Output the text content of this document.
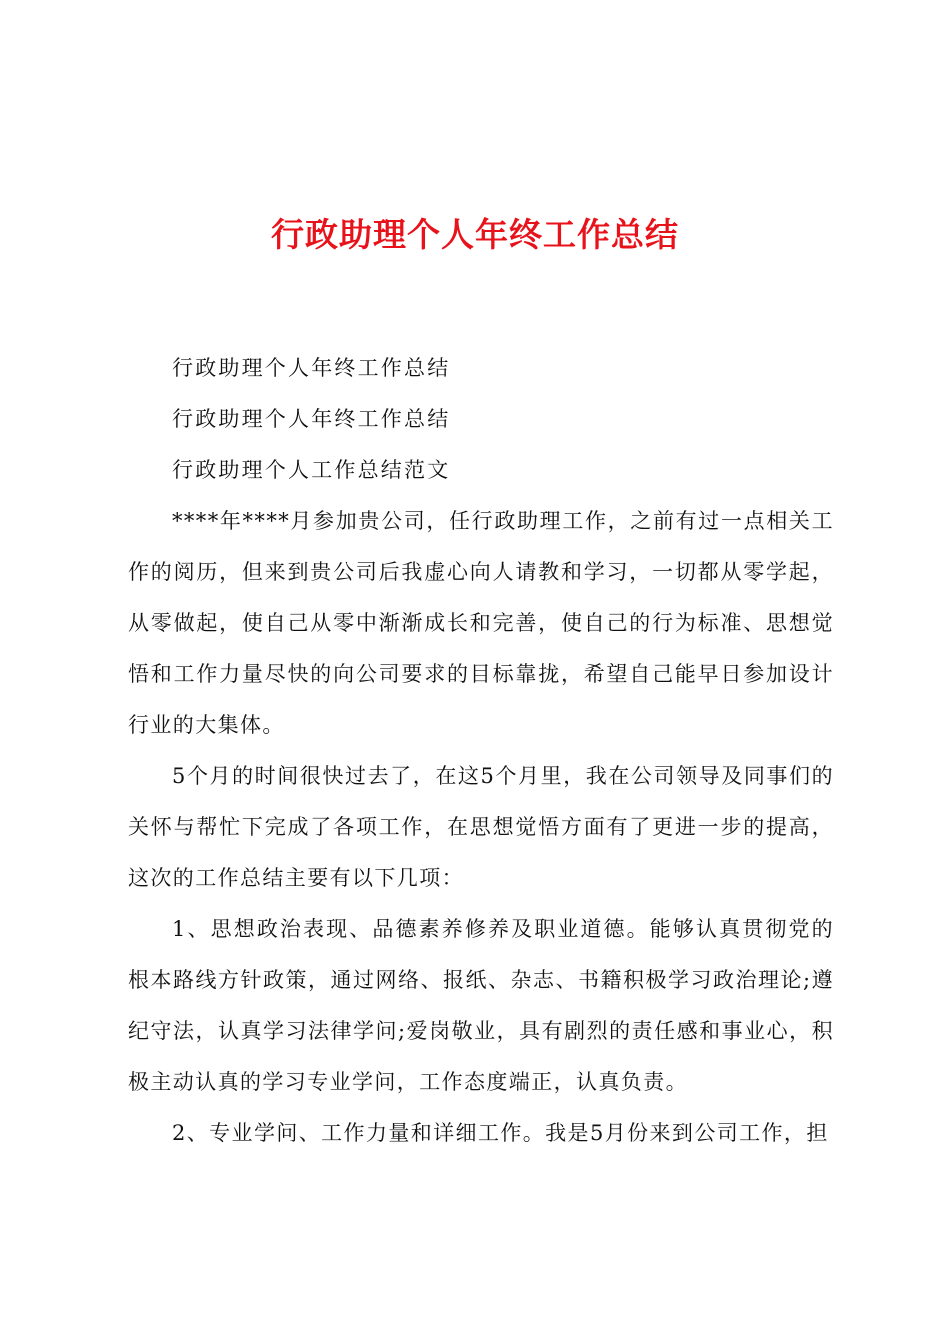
行政助理个人年终工作总结

行政助理个人年终工作总结

行政助理个人年终工作总结

行政助理个人工作总结范文

****年****月参加贵公司，任行政助理工作，之前有过一点相关工作的阅历，但来到贵公司后我虚心向人请教和学习，一切都从零学起，从零做起，使自己从零中渐渐成长和完善，使自己的行为标准、思想觉悟和工作力量尽快的向公司要求的目标靠拢，希望自己能早日参加设计行业的大集体。

5个月的时间很快过去了，在这5个月里，我在公司领导及同事们的关怀与帮忙下完成了各项工作，在思想觉悟方面有了更进一步的提高，这次的工作总结主要有以下几项：

1、思想政治表现、品德素养修养及职业道德。能够认真贯彻党的根本路线方针政策，通过网络、报纸、杂志、书籍积极学习政治理论;遵纪守法，认真学习法律学问;爱岗敬业，具有剧烈的责任感和事业心，积极主动认真的学习专业学问，工作态度端正，认真负责。

2、专业学问、工作力量和详细工作。我是5月份来到公司工作，担
